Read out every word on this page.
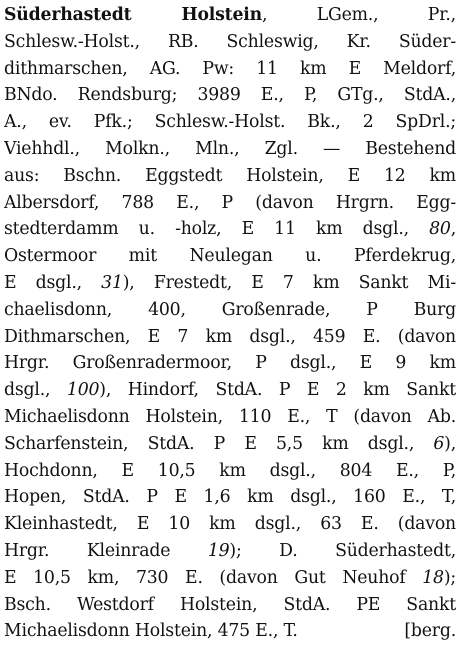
Süderhastedt Holstein, LGem., Pr.,
Schlesw.-Holst., RB. Schleswig, Kr. Süder-
dithmarschen, AG. Pw: 11 km E Meldorf,
BNdo. Rendsburg; 3989 E., P, GTg., StdA.,
A., ev. Pfk.; Schlesw.-Holst. Bk., 2 SpDrl.;
Viehhdl., Molkn., Mln., Zgl. — Bestehend
aus: Bschn. Eggstedt Holstein, E 12 km
Albersdorf, 788 E., P (davon Hrgrn. Egg-
stedterdamm u. -holz, E 11 km dsgl., 80,
Ostermoor mit Neulegan u. Pferdekrug,
E dsgl., 31), Frestedt, E 7 km Sankt Mi-
chaelisdonn, 400, Großenrade, P Burg
Dithmarschen, E 7 km dsgl., 459 E. (davon
Hrgr. Großenradermoor, P dsgl., E 9 km
dsgl., 100), Hindorf, StdA. P E 2 km Sankt
Michaelisdonn Holstein, 110 E., T (davon Ab.
Scharfenstein, StdA. P E 5,5 km dsgl., 6),
Hochdonn, E 10,5 km dsgl., 804 E., P,
Hopen, StdA. P E 1,6 km dsgl., 160 E., T,
Kleinhastedt, E 10 km dsgl., 63 E. (davon
Hrgr. Kleinrade 19); D. Süderhastedt,
E 10,5 km, 730 E. (davon Gut Neuhof 18);
Bsch. Westdorf Holstein, StdA. PE Sankt
Michaelisdonn Holstein, 475 E., T.	[berg.
